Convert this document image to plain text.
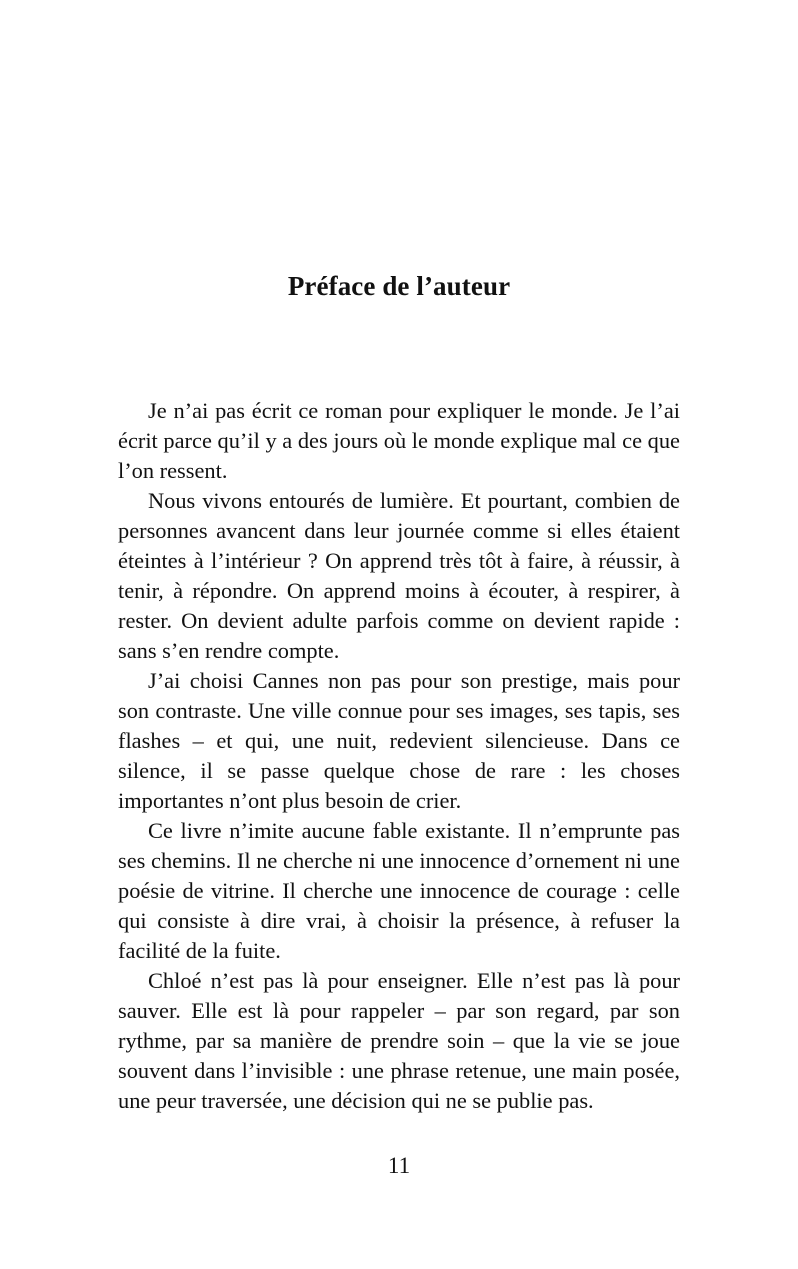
Préface de l’auteur

Je n’ai pas écrit ce roman pour expliquer le monde. Je l’ai écrit parce qu’il y a des jours où le monde explique mal ce que l’on ressent.

Nous vivons entourés de lumière. Et pourtant, combien de personnes avancent dans leur journée comme si elles étaient éteintes à l’intérieur ? On apprend très tôt à faire, à réussir, à tenir, à répondre. On apprend moins à écouter, à respirer, à rester. On devient adulte parfois comme on devient rapide : sans s’en rendre compte.

J’ai choisi Cannes non pas pour son prestige, mais pour son contraste. Une ville connue pour ses images, ses tapis, ses flashes – et qui, une nuit, redevient silencieuse. Dans ce silence, il se passe quelque chose de rare : les choses importantes n’ont plus besoin de crier.

Ce livre n’imite aucune fable existante. Il n’emprunte pas ses chemins. Il ne cherche ni une innocence d’ornement ni une poésie de vitrine. Il cherche une innocence de courage : celle qui consiste à dire vrai, à choisir la présence, à refuser la facilité de la fuite.

Chloé n’est pas là pour enseigner. Elle n’est pas là pour sauver. Elle est là pour rappeler – par son regard, par son rythme, par sa manière de prendre soin – que la vie se joue souvent dans l’invisible : une phrase retenue, une main posée, une peur traversée, une décision qui ne se publie pas.

11
